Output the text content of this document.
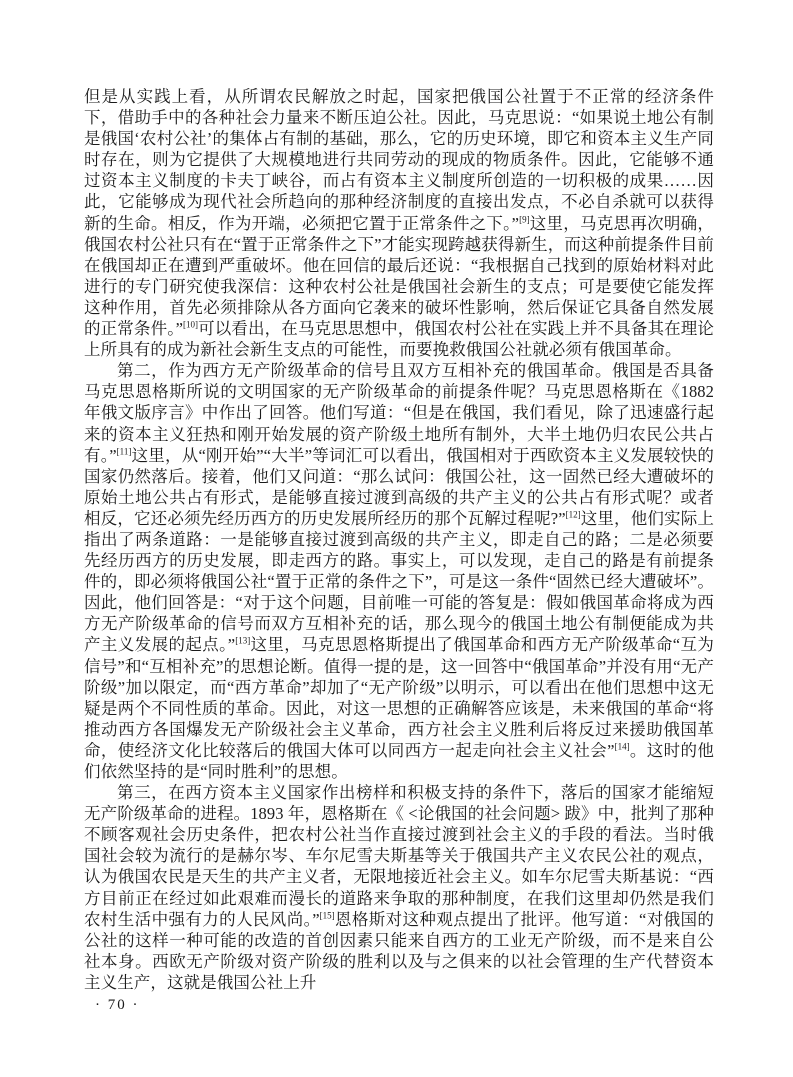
但是从实践上看，从所谓农民解放之时起，国家把俄国公社置于不正常的经济条件下，借助手中的各种社会力量来不断压迫公社。因此，马克思说：“如果说土地公有制是俄国‘农村公社’的集体占有制的基础，那么，它的历史环境，即它和资本主义生产同时存在，则为它提供了大规模地进行共同劳动的现成的物质条件。因此，它能够不通过资本主义制度的卡夫丁峡谷，而占有资本主义制度所创造的一切积极的成果……因此，它能够成为现代社会所趋向的那种经济制度的直接出发点，不必自杀就可以获得新的生命。相反，作为开端，必须把它置于正常条件之下。”[9]这里，马克思再次明确，俄国农村公社只有在“置于正常条件之下”才能实现跨越获得新生，而这种前提条件目前在俄国却正在遭到严重破坏。他在回信的最后还说：“我根据自己找到的原始材料对此进行的专门研究使我深信：这种农村公社是俄国社会新生的支点；可是要使它能发挥这种作用，首先必须排除从各方面向它袭来的破坏性影响，然后保证它具备自然发展的正常条件。”[10]可以看出，在马克思思想中，俄国农村公社在实践上并不具备其在理论上所具有的成为新社会新生支点的可能性，而要挽救俄国公社就必须有俄国革命。

第二，作为西方无产阶级革命的信号且双方互相补充的俄国革命。俄国是否具备马克思恩格斯所说的文明国家的无产阶级革命的前提条件呢？马克思恩格斯在《1882 年俄文版序言》中作出了回答。他们写道：“但是在俄国，我们看见，除了迅速盛行起来的资本主义狂热和刚开始发展的资产阶级土地所有制外，大半土地仍归农民公共占有。”[11]这里，从“刚开始”“大半”等词汇可以看出，俄国相对于西欧资本主义发展较快的国家仍然落后。接着，他们又问道：“那么试问：俄国公社，这一固然已经大遭破坏的原始土地公共占有形式，是能够直接过渡到高级的共产主义的公共占有形式呢？或者相反，它还必须先经历西方的历史发展所经历的那个瓦解过程呢?”[12]这里，他们实际上指出了两条道路：一是能够直接过渡到高级的共产主义，即走自己的路；二是必须要先经历西方的历史发展，即走西方的路。事实上，可以发现，走自己的路是有前提条件的，即必须将俄国公社“置于正常的条件之下”，可是这一条件“固然已经大遭破坏”。因此，他们回答是：“对于这个问题，目前唯一可能的答复是：假如俄国革命将成为西方无产阶级革命的信号而双方互相补充的话，那么现今的俄国土地公有制便能成为共产主义发展的起点。”[13]这里，马克思恩格斯提出了俄国革命和西方无产阶级革命“互为信号”和“互相补充”的思想论断。值得一提的是，这一回答中“俄国革命”并没有用“无产阶级”加以限定，而“西方革命”却加了“无产阶级”以明示，可以看出在他们思想中这无疑是两个不同性质的革命。因此，对这一思想的正确解答应该是，未来俄国的革命“将推动西方各国爆发无产阶级社会主义革命，西方社会主义胜利后将反过来援助俄国革命，使经济文化比较落后的俄国大体可以同西方一起走向社会主义社会”[14]。这时的他们依然坚持的是“同时胜利”的思想。

第三，在西方资本主义国家作出榜样和积极支持的条件下，落后的国家才能缩短无产阶级革命的进程。1893 年，恩格斯在《 <论俄国的社会问题> 跋》中，批判了那种不顾客观社会历史条件，把农村公社当作直接过渡到社会主义的手段的看法。当时俄国社会较为流行的是赫尔岑、车尔尼雪夫斯基等关于俄国共产主义农民公社的观点，认为俄国农民是天生的共产主义者，无限地接近社会主义。如车尔尼雪夫斯基说：“西方目前正在经过如此艰难而漫长的道路来争取的那种制度，在我们这里却仍然是我们农村生活中强有力的人民风尚。”[15]恩格斯对这种观点提出了批评。他写道：“对俄国的公社的这样一种可能的改造的首创因素只能来自西方的工业无产阶级，而不是来自公社本身。西欧无产阶级对资产阶级的胜利以及与之俱来的以社会管理的生产代替资本主义生产，这就是俄国公社上升

· 70 ·
